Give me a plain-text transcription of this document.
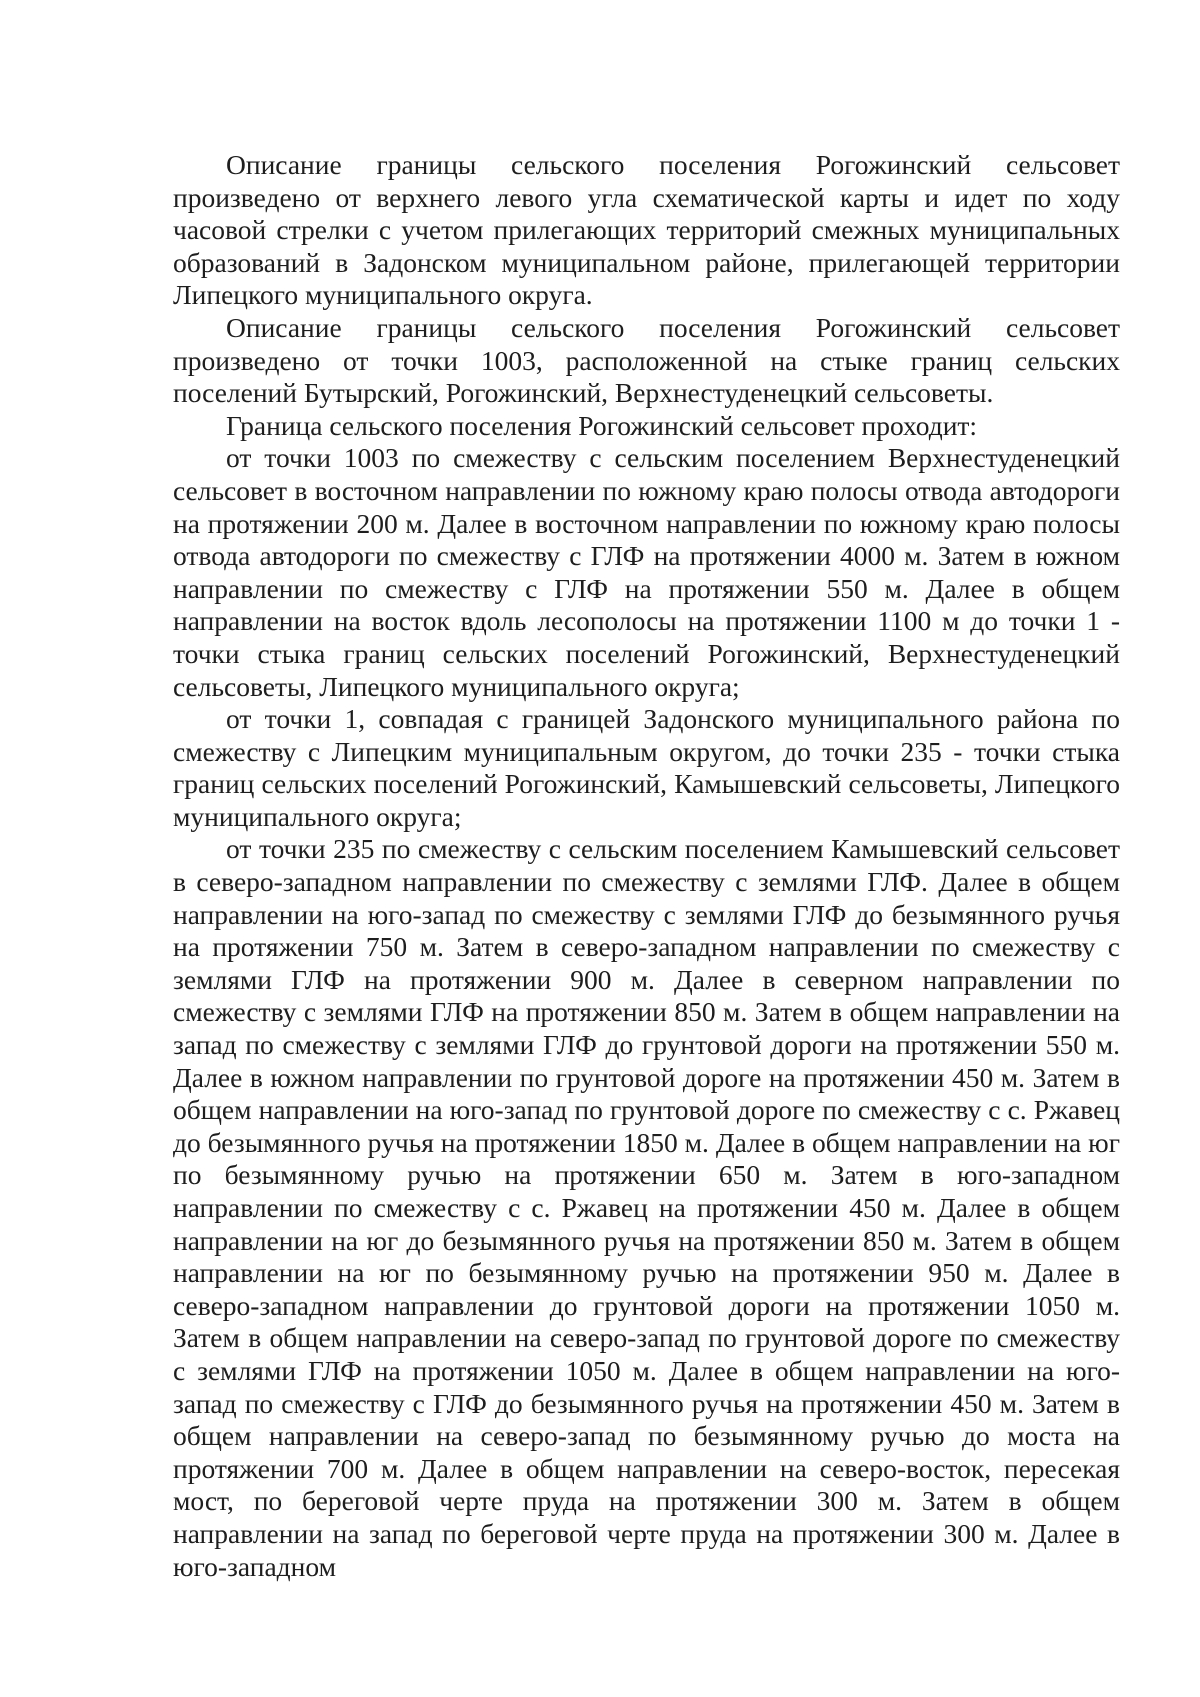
Описание границы сельского поселения Рогожинский сельсовет произведено от верхнего левого угла схематической карты и идет по ходу часовой стрелки с учетом прилегающих территорий смежных муниципальных образований в Задонском муниципальном районе, прилегающей территории Липецкого муниципального округа.

Описание границы сельского поселения Рогожинский сельсовет произведено от точки 1003, расположенной на стыке границ сельских поселений Бутырский, Рогожинский, Верхнестуденецкий сельсоветы.

Граница сельского поселения Рогожинский сельсовет проходит:

от точки 1003 по смежеству с сельским поселением Верхнестуденецкий сельсовет в восточном направлении по южному краю полосы отвода автодороги на протяжении 200 м. Далее в восточном направлении по южному краю полосы отвода автодороги по смежеству с ГЛФ на протяжении 4000 м. Затем в южном направлении по смежеству с ГЛФ на протяжении 550 м. Далее в общем направлении на восток вдоль лесополосы на протяжении 1100 м до точки 1 - точки стыка границ сельских поселений Рогожинский, Верхнестуденецкий сельсоветы, Липецкого муниципального округа;

от точки 1, совпадая с границей Задонского муниципального района по смежеству с Липецким муниципальным округом, до точки 235 - точки стыка границ сельских поселений Рогожинский, Камышевский сельсоветы, Липецкого муниципального округа;

от точки 235 по смежеству с сельским поселением Камышевский сельсовет в северо-западном направлении по смежеству с землями ГЛФ. Далее в общем направлении на юго-запад по смежеству с землями ГЛФ до безымянного ручья на протяжении 750 м. Затем в северо-западном направлении по смежеству с землями ГЛФ на протяжении 900 м. Далее в северном направлении по смежеству с землями ГЛФ на протяжении 850 м. Затем в общем направлении на запад по смежеству с землями ГЛФ до грунтовой дороги на протяжении 550 м. Далее в южном направлении по грунтовой дороге на протяжении 450 м. Затем в общем направлении на юго-запад по грунтовой дороге по смежеству с с. Ржавец до безымянного ручья на протяжении 1850 м. Далее в общем направлении на юг по безымянному ручью на протяжении 650 м. Затем в юго-западном направлении по смежеству с с. Ржавец на протяжении 450 м. Далее в общем направлении на юг до безымянного ручья на протяжении 850 м. Затем в общем направлении на юг по безымянному ручью на протяжении 950 м. Далее в северо-западном направлении до грунтовой дороги на протяжении 1050 м. Затем в общем направлении на северо-запад по грунтовой дороге по смежеству с землями ГЛФ на протяжении 1050 м. Далее в общем направлении на юго-запад по смежеству с ГЛФ до безымянного ручья на протяжении 450 м. Затем в общем направлении на северо-запад по безымянному ручью до моста на протяжении 700 м. Далее в общем направлении на северо-восток, пересекая мост, по береговой черте пруда на протяжении 300 м. Затем в общем направлении на запад по береговой черте пруда на протяжении 300 м. Далее в юго-западном
